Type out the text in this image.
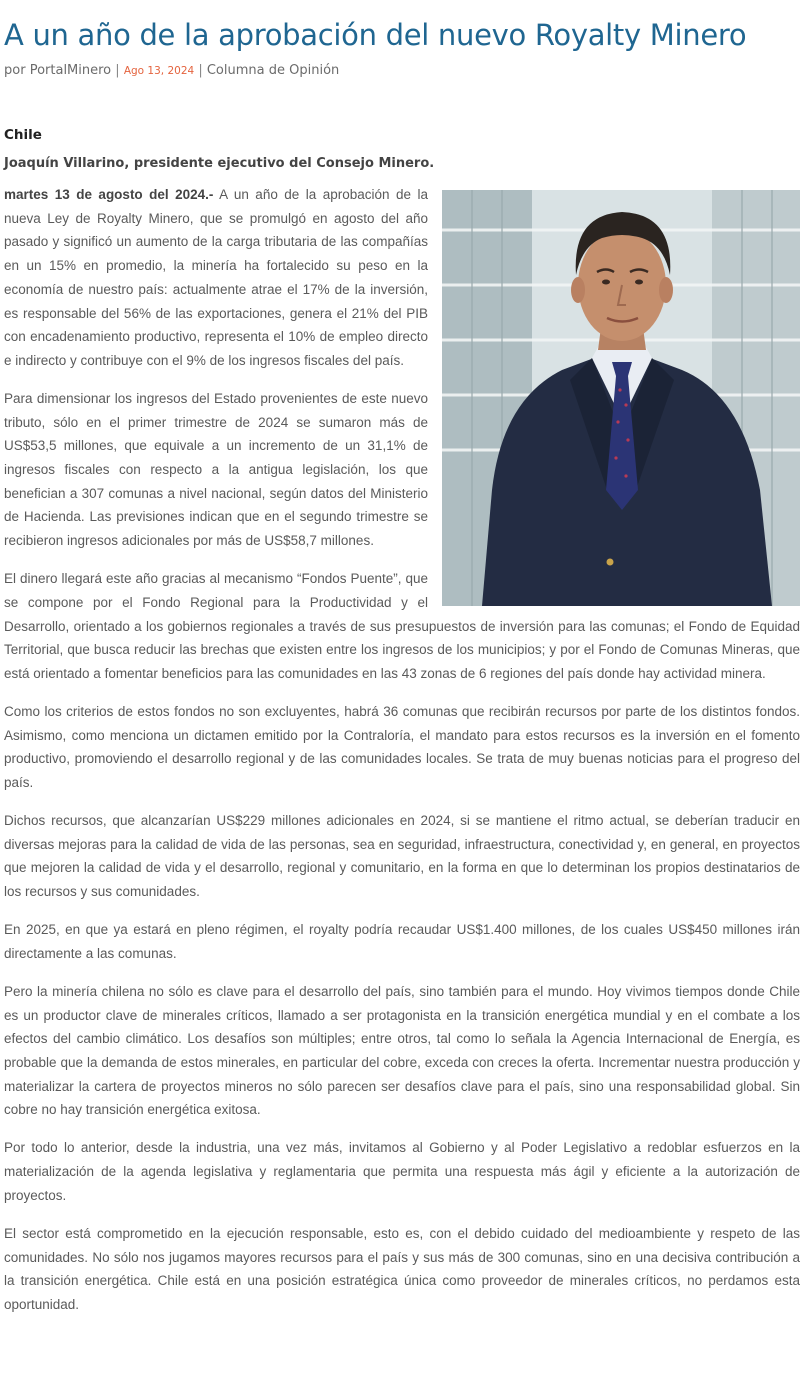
A un año de la aprobación del nuevo Royalty Minero
por PortalMinero | Ago 13, 2024 | Columna de Opinión
Chile
Joaquín Villarino, presidente ejecutivo del Consejo Minero.

martes 13 de agosto del 2024.- A un año de la aprobación de la nueva Ley de Royalty Minero, que se promulgó en agosto del año pasado y significó un aumento de la carga tributaria de las compañías en un 15% en promedio, la minería ha fortalecido su peso en la economía de nuestro país: actualmente atrae el 17% de la inversión, es responsable del 56% de las exportaciones, genera el 21% del PIB con encadenamiento productivo, representa el 10% de empleo directo e indirecto y contribuye con el 9% de los ingresos fiscales del país.

Para dimensionar los ingresos del Estado provenientes de este nuevo tributo, sólo en el primer trimestre de 2024 se sumaron más de US$53,5 millones, que equivale a un incremento de un 31,1% de ingresos fiscales con respecto a la antigua legislación, los que benefician a 307 comunas a nivel nacional, según datos del Ministerio de Hacienda. Las previsiones indican que en el segundo trimestre se recibieron ingresos adicionales por más de US$58,7 millones.

El dinero llegará este año gracias al mecanismo “Fondos Puente”, que se compone por el Fondo Regional para la Productividad y el Desarrollo, orientado a los gobiernos regionales a través de sus presupuestos de inversión para las comunas; el Fondo de Equidad Territorial, que busca reducir las brechas que existen entre los ingresos de los municipios; y por el Fondo de Comunas Mineras, que está orientado a fomentar beneficios para las comunidades en las 43 zonas de 6 regiones del país donde hay actividad minera.

Como los criterios de estos fondos no son excluyentes, habrá 36 comunas que recibirán recursos por parte de los distintos fondos. Asimismo, como menciona un dictamen emitido por la Contraloría, el mandato para estos recursos es la inversión en el fomento productivo, promoviendo el desarrollo regional y de las comunidades locales. Se trata de muy buenas noticias para el progreso del país.

Dichos recursos, que alcanzarían US$229 millones adicionales en 2024, si se mantiene el ritmo actual, se deberían traducir en diversas mejoras para la calidad de vida de las personas, sea en seguridad, infraestructura, conectividad y, en general, en proyectos que mejoren la calidad de vida y el desarrollo, regional y comunitario, en la forma en que lo determinan los propios destinatarios de los recursos y sus comunidades.

En 2025, en que ya estará en pleno régimen, el royalty podría recaudar US$1.400 millones, de los cuales US$450 millones irán directamente a las comunas.

Pero la minería chilena no sólo es clave para el desarrollo del país, sino también para el mundo. Hoy vivimos tiempos donde Chile es un productor clave de minerales críticos, llamado a ser protagonista en la transición energética mundial y en el combate a los efectos del cambio climático. Los desafíos son múltiples; entre otros, tal como lo señala la Agencia Internacional de Energía, es probable que la demanda de estos minerales, en particular del cobre, exceda con creces la oferta. Incrementar nuestra producción y materializar la cartera de proyectos mineros no sólo parecen ser desafíos clave para el país, sino una responsabilidad global. Sin cobre no hay transición energética exitosa.

Por todo lo anterior, desde la industria, una vez más, invitamos al Gobierno y al Poder Legislativo a redoblar esfuerzos en la materialización de la agenda legislativa y reglamentaria que permita una respuesta más ágil y eficiente a la autorización de proyectos.

El sector está comprometido en la ejecución responsable, esto es, con el debido cuidado del medioambiente y respeto de las comunidades. No sólo nos jugamos mayores recursos para el país y sus más de 300 comunas, sino en una decisiva contribución a la transición energética. Chile está en una posición estratégica única como proveedor de minerales críticos, no perdamos esta oportunidad.
